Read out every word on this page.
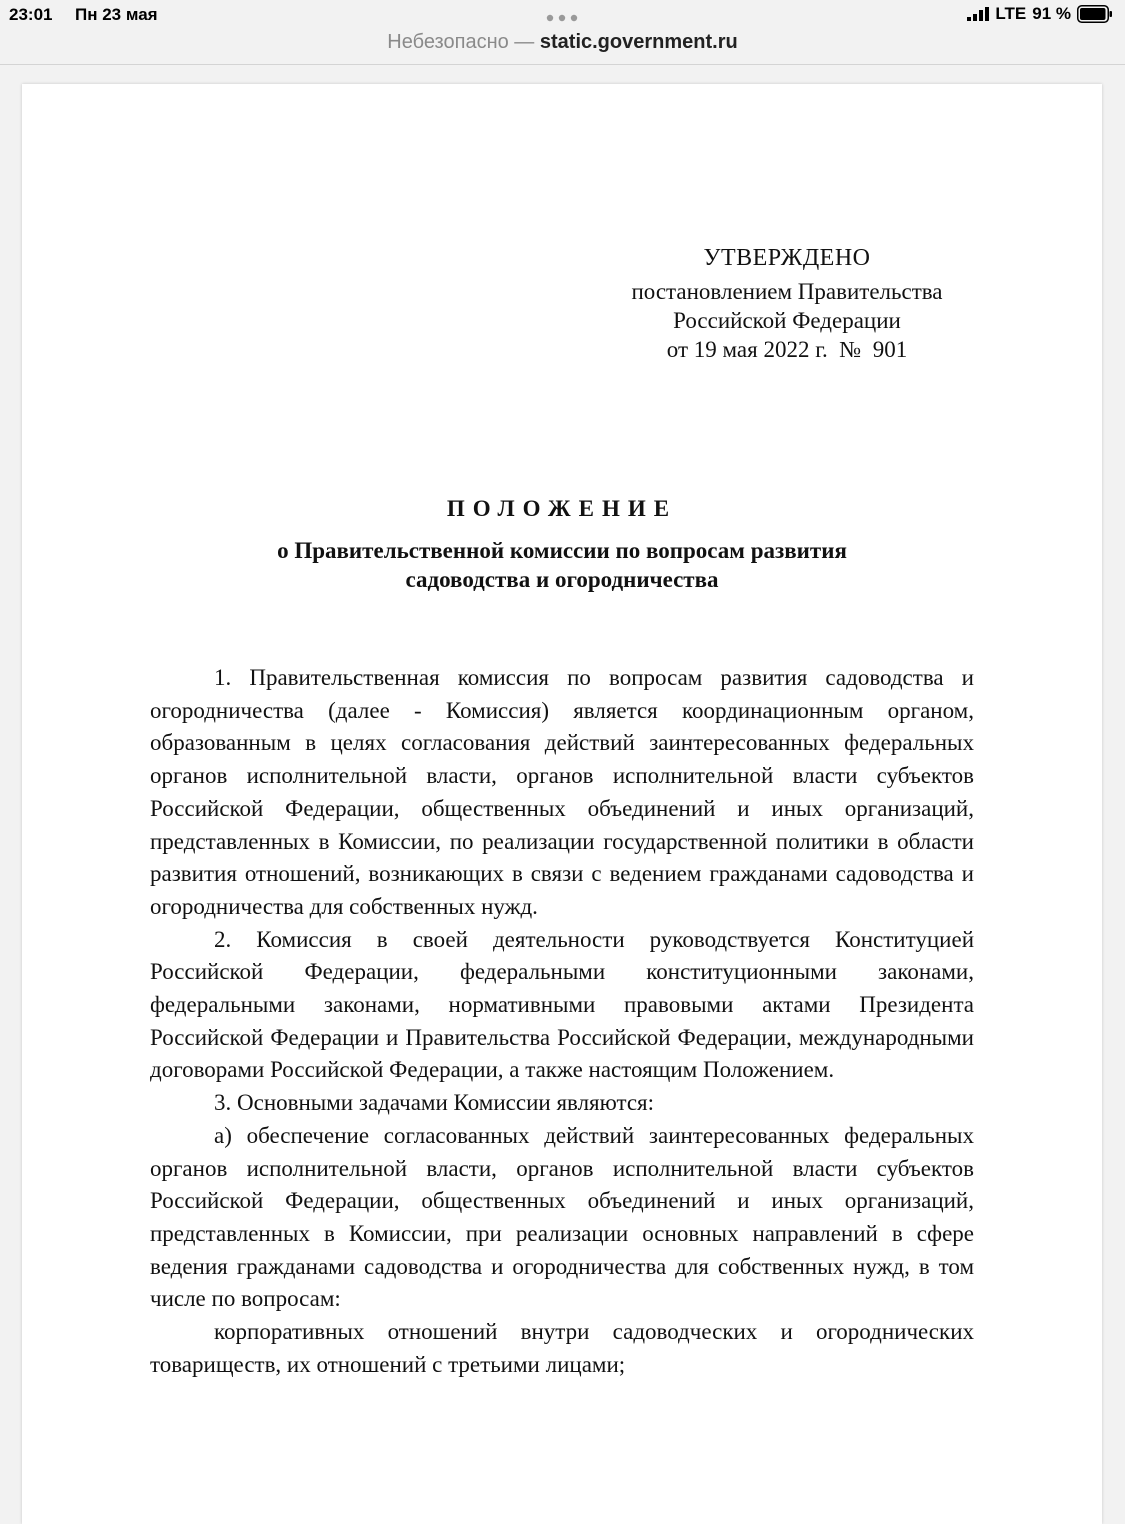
23:01 Пн 23 мая	LTE 91 %
Небезопасно — static.government.ru
УТВЕРЖДЕНО
постановлением Правительства
Российской Федерации
от 19 мая 2022 г.  №  901
ПОЛОЖЕНИЕ
о Правительственной комиссии по вопросам развития
садоводства и огородничества

1. Правительственная комиссия по вопросам развития садоводства и огородничества (далее - Комиссия) является координационным органом, образованным в целях согласования действий заинтересованных федеральных органов исполнительной власти, органов исполнительной власти субъектов Российской Федерации, общественных объединений и иных организаций, представленных в Комиссии, по реализации государственной политики в области развития отношений, возникающих в связи с ведением гражданами садоводства и огородничества для собственных нужд.

2. Комиссия в своей деятельности руководствуется Конституцией Российской Федерации, федеральными конституционными законами, федеральными законами, нормативными правовыми актами Президента Российской Федерации и Правительства Российской Федерации, международными договорами Российской Федерации, а также настоящим Положением.

3. Основными задачами Комиссии являются:

а) обеспечение согласованных действий заинтересованных федеральных органов исполнительной власти, органов исполнительной власти субъектов Российской Федерации, общественных объединений и иных организаций, представленных в Комиссии, при реализации основных направлений в сфере ведения гражданами садоводства и огородничества для собственных нужд, в том числе по вопросам:

корпоративных отношений внутри садоводческих и огороднических товариществ, их отношений с третьими лицами;
